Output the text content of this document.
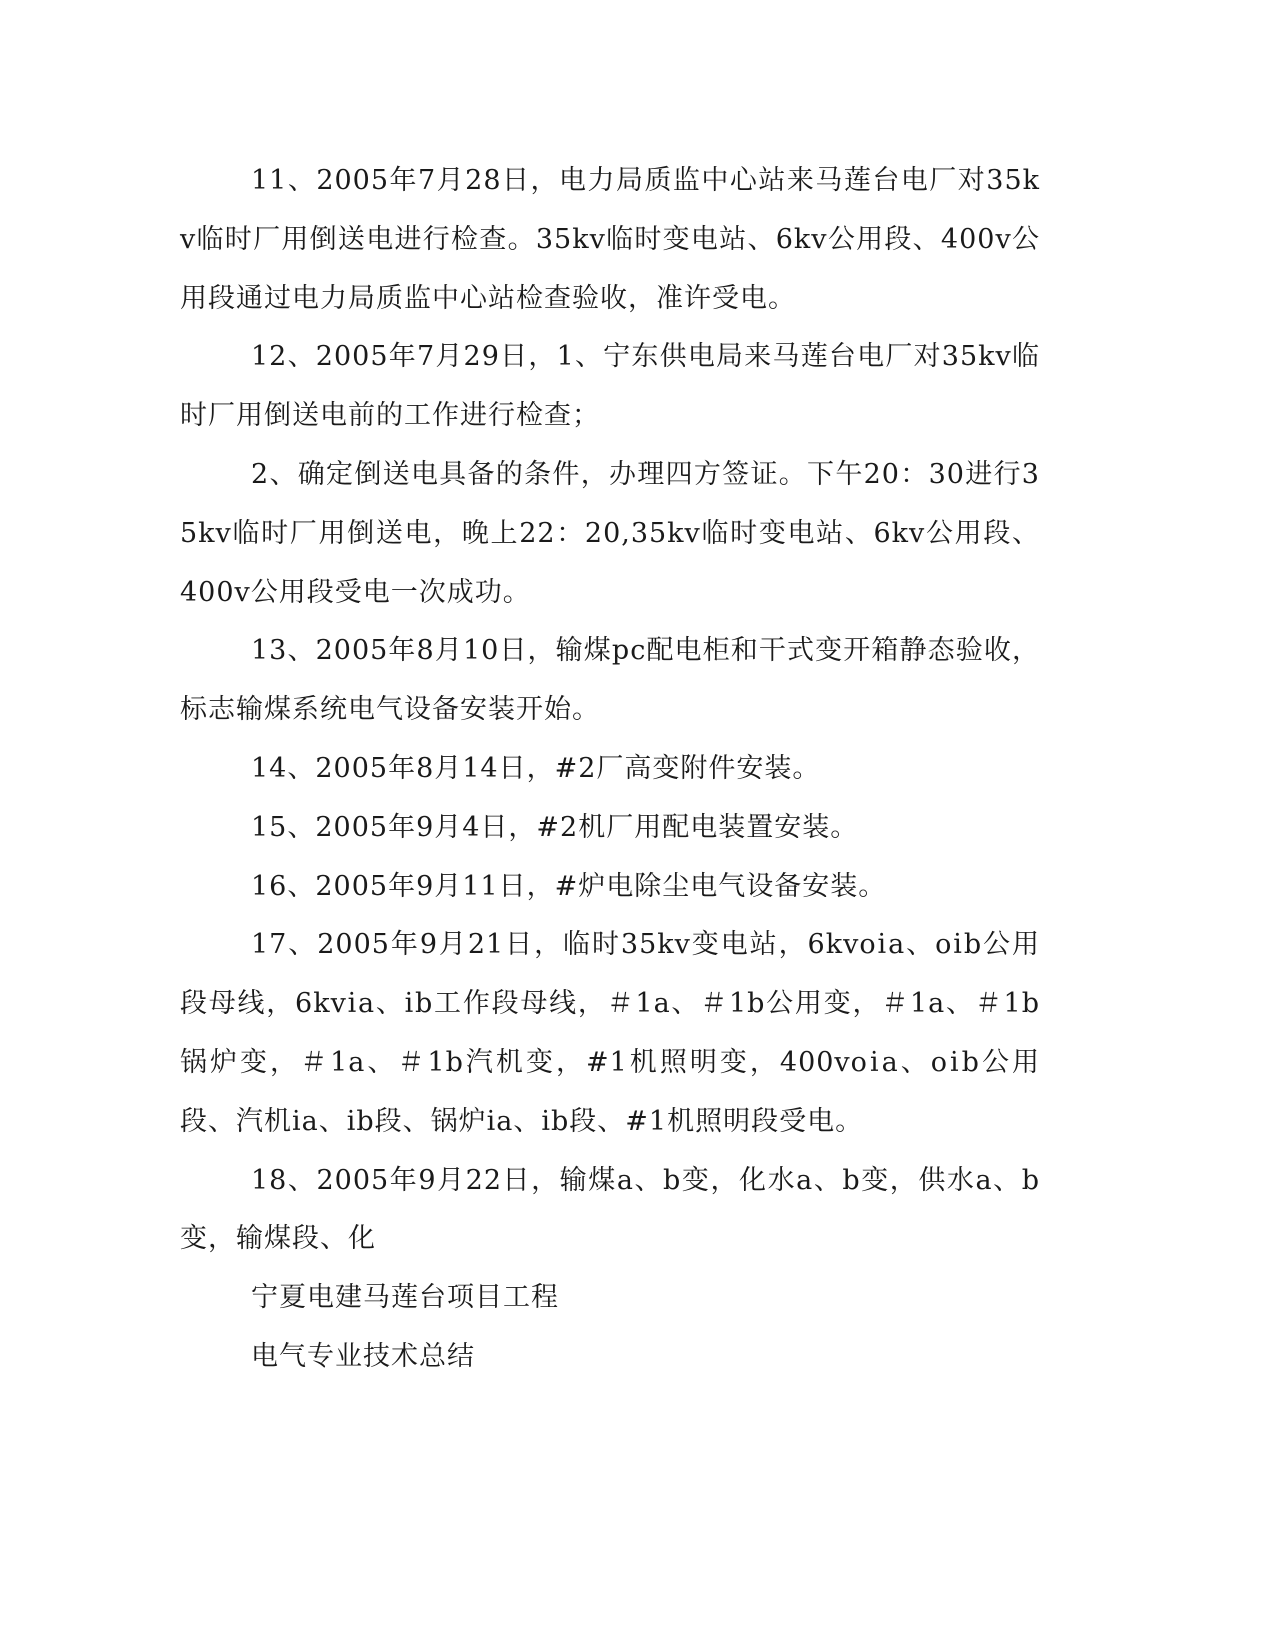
11、2005年7月28日，电力局质监中心站来马莲台电厂对35kv临时厂用倒送电进行检查。35kv临时变电站、6kv公用段、400v公用段通过电力局质监中心站检查验收，准许受电。

12、2005年7月29日，1、宁东供电局来马莲台电厂对35kv临时厂用倒送电前的工作进行检查；

2、确定倒送电具备的条件，办理四方签证。下午20：30进行35kv临时厂用倒送电，晚上22：20,35kv临时变电站、6kv公用段、400v公用段受电一次成功。

13、2005年8月10日，输煤pc配电柜和干式变开箱静态验收，标志输煤系统电气设备安装开始。

14、2005年8月14日，#2厂高变附件安装。

15、2005年9月4日，#2机厂用配电装置安装。

16、2005年9月11日，#炉电除尘电气设备安装。

17、2005年9月21日，临时35kv变电站，6kvoⅰa、oⅰb公用段母线，6kvⅰa、ⅰb工作段母线，＃1a、＃1b公用变，＃1a、＃1b锅炉变，＃1a、＃1b汽机变，#1机照明变，400voⅰa、oⅰb公用段、汽机ⅰa、ⅰb段、锅炉ⅰa、ⅰb段、#1机照明段受电。

18、2005年9月22日，输煤a、b变，化水a、b变，供水a、b变，输煤段、化

宁夏电建马莲台项目工程

电气专业技术总结
